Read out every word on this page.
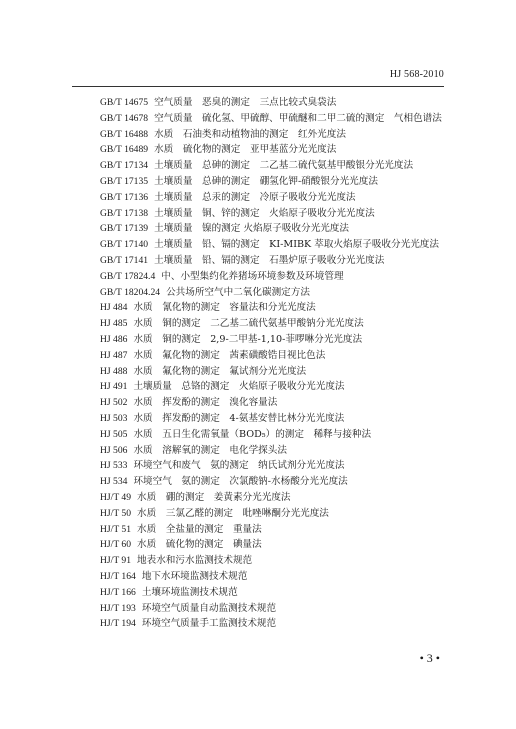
HJ 568-2010
GB/T 14675 空气质量　恶臭的测定　三点比较式臭袋法
GB/T 14678 空气质量　硫化氢、甲硫醇、甲硫醚和二甲二硫的测定　气相色谱法
GB/T 16488 水质　石油类和动植物油的测定　红外光度法
GB/T 16489 水质　硫化物的测定　亚甲基蓝分光光度法
GB/T 17134 土壤质量　总砷的测定　二乙基二硫代氨基甲酸银分光光度法
GB/T 17135 土壤质量　总砷的测定　硼氢化钾-硝酸银分光光度法
GB/T 17136 土壤质量　总汞的测定　冷原子吸收分光光度法
GB/T 17138 土壤质量　铜、锌的测定　火焰原子吸收分光光度法
GB/T 17139 土壤质量　镍的测定 火焰原子吸收分光光度法
GB/T 17140 土壤质量　铅、镉的测定　KI-MIBK 萃取火焰原子吸收分光光度法
GB/T 17141 土壤质量　铅、镉的测定　石墨炉原子吸收分光光度法
GB/T 17824.4 中、小型集约化养猪场环境参数及环境管理
GB/T 18204.24 公共场所空气中二氧化碳测定方法
HJ 484 水质　氰化物的测定　容量法和分光光度法
HJ 485 水质　铜的测定　二乙基二硫代氨基甲酸钠分光光度法
HJ 486 水质　铜的测定　2,9-二甲基-1,10-菲啰啉分光光度法
HJ 487 水质　氟化物的测定　茜素磺酸锆目视比色法
HJ 488 水质　氟化物的测定　氟试剂分光光度法
HJ 491 土壤质量　总铬的测定　火焰原子吸收分光光度法
HJ 502 水质　挥发酚的测定　溴化容量法
HJ 503 水质　挥发酚的测定　4-氨基安替比林分光光度法
HJ 505 水质　五日生化需氧量（BOD₅）的测定　稀释与接种法
HJ 506 水质　溶解氧的测定　电化学探头法
HJ 533 环境空气和废气　氨的测定　纳氏试剂分光光度法
HJ 534 环境空气　氨的测定　次氯酸钠-水杨酸分光光度法
HJ/T 49 水质　硼的测定　姜黄素分光光度法
HJ/T 50 水质　三氯乙醛的测定　吡唑啉酮分光光度法
HJ/T 51 水质　全盐量的测定　重量法
HJ/T 60 水质　硫化物的测定　碘量法
HJ/T 91 地表水和污水监测技术规范
HJ/T 164 地下水环境监测技术规范
HJ/T 166 土壤环境监测技术规范
HJ/T 193 环境空气质量自动监测技术规范
HJ/T 194 环境空气质量手工监测技术规范
• 3 •
